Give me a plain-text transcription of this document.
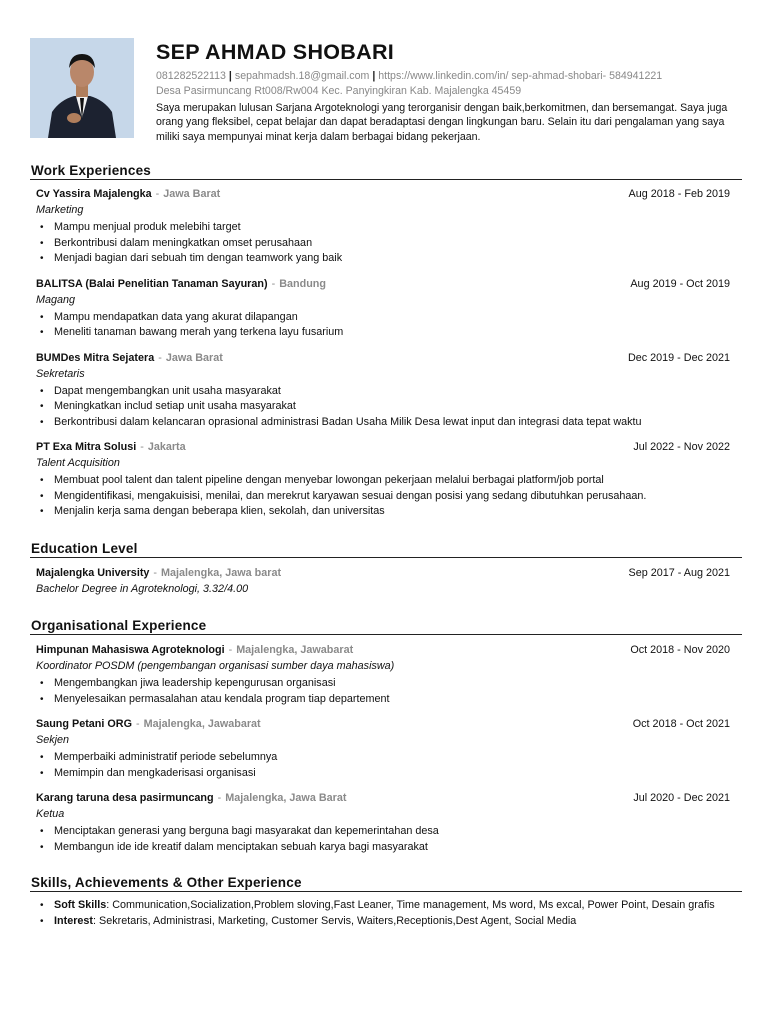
SEP AHMAD SHOBARI
081282522113 | sepahmadsh.18@gmail.com | https://www.linkedin.com/in/ sep-ahmad-shobari- 584941221
Desa Pasirmuncang Rt008/Rw004 Kec. Panyingkiran Kab. Majalengka 45459
Saya merupakan lulusan Sarjana Argoteknologi yang terorganisir dengan baik,berkomitmen, dan bersemangat. Saya juga orang yang fleksibel, cepat belajar dan dapat beradaptasi dengan lingkungan baru. Selain itu dari pengalaman yang saya miliki saya mempunyai minat kerja dalam berbagai bidang pekerjaan.
Work Experiences
Cv Yassira Majalengka - Jawa Barat	Aug 2018 - Feb 2019
Marketing
• Mampu menjual produk melebihi target
• Berkontribusi dalam meningkatkan omset perusahaan
• Menjadi bagian dari sebuah tim dengan teamwork yang baik
BALITSA (Balai Penelitian Tanaman Sayuran) - Bandung	Aug 2019 - Oct 2019
Magang
• Mampu mendapatkan data yang akurat dilapangan
• Meneliti tanaman bawang merah yang terkena layu fusarium
BUMDes Mitra Sejatera - Jawa Barat	Dec 2019 - Dec 2021
Sekretaris
• Dapat mengembangkan unit usaha masyarakat
• Meningkatkan includ setiap unit usaha masyarakat
• Berkontribusi dalam kelancaran oprasional administrasi Badan Usaha Milik Desa lewat input dan integrasi data tepat waktu
PT Exa Mitra Solusi - Jakarta	Jul 2022 - Nov 2022
Talent Acquisition
• Membuat pool talent dan talent pipeline dengan menyebar lowongan pekerjaan melalui berbagai platform/job portal
• Mengidentifikasi, mengakuisisi, menilai, dan merekrut karyawan sesuai dengan posisi yang sedang dibutuhkan perusahaan.
• Menjalin kerja sama dengan beberapa klien, sekolah, dan universitas
Education Level
Majalengka University - Majalengka, Jawa barat	Sep 2017 - Aug 2021
Bachelor Degree in Agroteknologi, 3.32/4.00
Organisational Experience
Himpunan Mahasiswa Agroteknologi - Majalengka, Jawabarat	Oct 2018 - Nov 2020
Koordinator POSDM (pengembangan organisasi sumber daya mahasiswa)
• Mengembangkan jiwa leadership kepengurusan organisasi
• Menyelesaikan permasalahan atau kendala program tiap departement
Saung Petani ORG - Majalengka, Jawabarat	Oct 2018 - Oct 2021
Sekjen
• Memperbaiki administratif periode sebelumnya
• Memimpin dan mengkaderisasi organisasi
Karang taruna desa pasirmuncang - Majalengka, Jawa Barat	Jul 2020 - Dec 2021
Ketua
• Menciptakan generasi yang berguna bagi masyarakat dan kepemerintahan desa
• Membangun ide ide kreatif dalam menciptakan sebuah karya bagi masyarakat
Skills, Achievements & Other Experience
• Soft Skills: Communication,Socialization,Problem sloving,Fast Leaner, Time management, Ms word, Ms excal, Power Point, Desain grafis
• Interest: Sekretaris, Administrasi, Marketing, Customer Servis, Waiters,Receptionis,Dest Agent, Social Media
